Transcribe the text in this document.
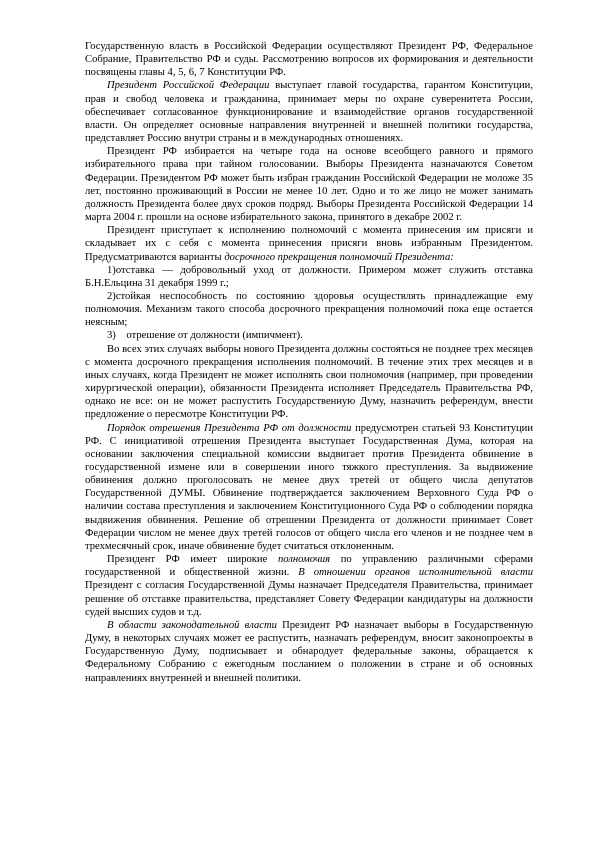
Государственную власть в Российской Федерации осуществляют Президент РФ, Федеральное Собрание, Правительство РФ и суды. Рассмотрению вопросов их формирования и деятельности посвящены главы 4, 5, 6, 7 Конституции РФ.

Президент Российской Федерации выступает главой государства, гарантом Конституции, прав и свобод человека и гражданина, принимает меры по охране суверенитета России, обеспечивает согласованное функционирование и взаимодействие органов государственной власти. Он определяет основные направления внутренней и внешней политики государства, представляет Россию внутри страны и в международных отношениях.

Президент РФ избирается на четыре года на основе всеобщего равного и прямого избирательного права при тайном голосовании. Выборы Президента назначаются Советом Федерации. Президентом РФ может быть избран гражданин Российской Федерации не моложе 35 лет, постоянно проживающий в России не менее 10 лет. Одно и то же лицо не может занимать должность Президента более двух сроков подряд. Выборы Президента Российской Федерации 14 марта 2004 г. прошли на основе избирательного закона, принятого в декабре 2002 г.

Президент приступает к исполнению полномочий с момента принесения им присяги и складывает их с себя с момента принесения присяги вновь избранным Президентом. Предусматриваются варианты досрочного прекращения полномочий Президента:

1)отставка — добровольный уход от должности. Примером может служить отставка Б.Н.Ельцина 31 декабря 1999 г.;

2)стойкая неспособность по состоянию здоровья осуществлять принадлежащие ему полномочия. Механизм такого способа досрочного прекращения полномочий пока еще остается неясным;

3)    отрешение от должности (импичмент).

Во всех этих случаях выборы нового Президента должны состояться не позднее трех месяцев с момента досрочного прекращения исполнения полномочий. В течение этих трех месяцев и в иных случаях, когда Президент не может исполнять свои полномочия (например, при проведении хирургической операции), обязанности Президента исполняет Председатель Правительства РФ, однако не все: он не может распустить Государственную Думу, назначить референдум, внести предложение о пересмотре Конституции РФ.

Порядок отрешения Президента РФ от должности предусмотрен статьей 93 Конституции РФ. С инициативой отрешения Президента выступает Государственная Дума, которая на основании заключения специальной комиссии выдвигает против Президента обвинение в государственной измене или в совершении иного тяжкого преступления. За выдвижение обвинения должно проголосовать не менее двух третей от общего числа депутатов Государственной ДУМЫ. Обвинение подтверждается заключением Верховного Суда РФ о наличии состава преступления и заключением Конституционного Суда РФ о соблюдении порядка выдвижения обвинения. Решение об отрешении Президента от должности принимает Совет Федерации числом не менее двух третей голосов от общего числа его членов и не позднее чем в трехмесячный срок, иначе обвинение будет считаться отклоненным.

Президент РФ имеет широкие полномочия по управлению различными сферами государственной и общественной жизни. В отношении органов исполнительной власти Президент с согласия Государственной Думы назначает Председателя Правительства, принимает решение об отставке правительства, представляет Совету Федерации кандидатуры на должности судей высших судов и т.д.

В области законодательной власти Президент РФ назначает выборы в Государственную Думу, в некоторых случаях может ее распустить, назначать референдум, вносит законопроекты в Государственную Думу, подписывает и обнародует федеральные законы, обращается к Федеральному Собранию с ежегодным посланием о положении в стране и об основных направлениях внутренней и внешней политики.
